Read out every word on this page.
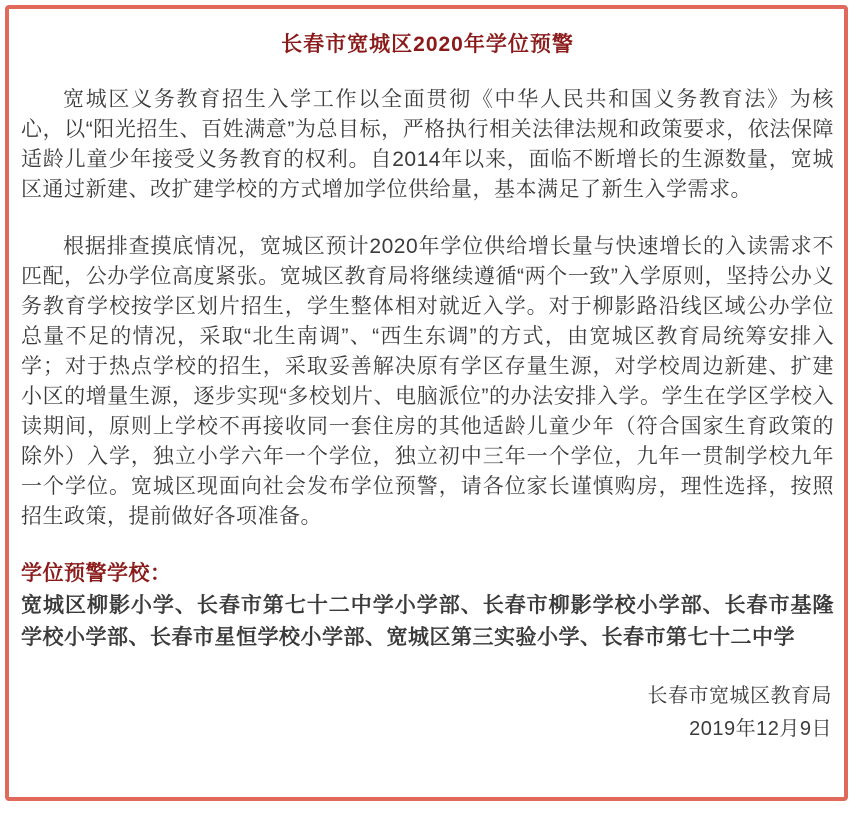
长春市宽城区2020年学位预警

宽城区义务教育招生入学工作以全面贯彻《中华人民共和国义务教育法》为核心，以“阳光招生、百姓满意”为总目标，严格执行相关法律法规和政策要求，依法保障适龄儿童少年接受义务教育的权利。自2014年以来，面临不断增长的生源数量，宽城区通过新建、改扩建学校的方式增加学位供给量，基本满足了新生入学需求。

根据排查摸底情况，宽城区预计2020年学位供给增长量与快速增长的入读需求不匹配，公办学位高度紧张。宽城区教育局将继续遵循“两个一致”入学原则，坚持公办义务教育学校按学区划片招生，学生整体相对就近入学。对于柳影路沿线区域公办学位总量不足的情况，采取“北生南调”、“西生东调”的方式，由宽城区教育局统筹安排入学；对于热点学校的招生，采取妥善解决原有学区存量生源，对学校周边新建、扩建小区的增量生源，逐步实现“多校划片、电脑派位”的办法安排入学。学生在学区学校入读期间，原则上学校不再接收同一套住房的其他适龄儿童少年（符合国家生育政策的除外）入学，独立小学六年一个学位，独立初中三年一个学位，九年一贯制学校九年一个学位。宽城区现面向社会发布学位预警，请各位家长谨慎购房，理性选择，按照招生政策，提前做好各项准备。

学位预警学校：
宽城区柳影小学、长春市第七十二中学小学部、长春市柳影学校小学部、长春市基隆学校小学部、长春市星恒学校小学部、宽城区第三实验小学、长春市第七十二中学
长春市宽城区教育局
2019年12月9日
